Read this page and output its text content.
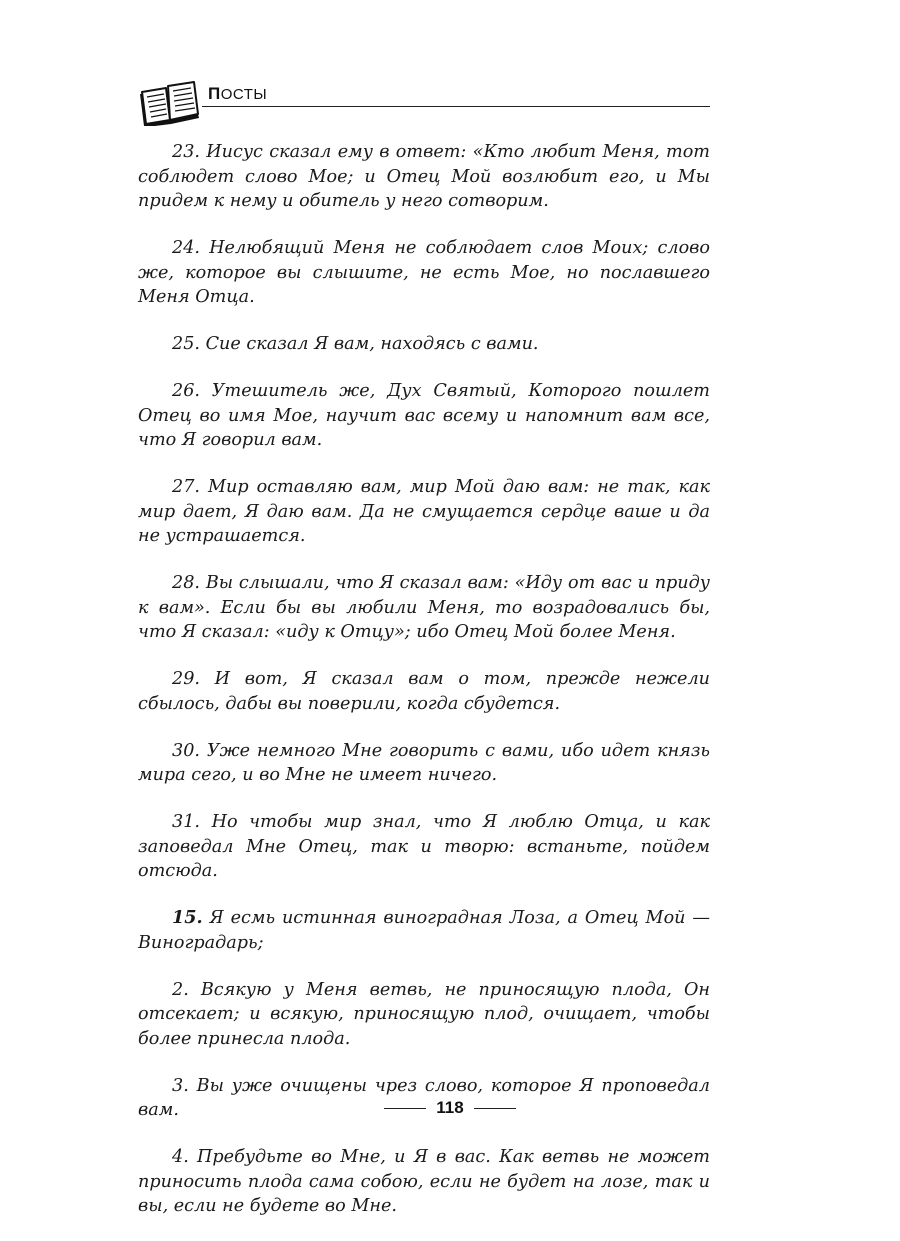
ПОСТЫ

23. Иисус сказал ему в ответ: «Кто любит Меня, тот соблюдет слово Мое; и Отец Мой возлюбит его, и Мы придем к нему и обитель у него сотворим.

24. Нелюбящий Меня не соблюдает слов Моих; слово же, которое вы слышите, не есть Мое, но пославшего Меня Отца.

25. Сие сказал Я вам, находясь с вами.

26. Утешитель же, Дух Святый, Которого пошлет Отец во имя Мое, научит вас всему и напомнит вам все, что Я говорил вам.

27. Мир оставляю вам, мир Мой даю вам: не так, как мир дает, Я даю вам. Да не смущается сердце ваше и да не устрашается.

28. Вы слышали, что Я сказал вам: «Иду от вас и приду к вам». Если бы вы любили Меня, то возрадовались бы, что Я сказал: «иду к Отцу»; ибо Отец Мой более Меня.

29. И вот, Я сказал вам о том, прежде нежели сбылось, дабы вы поверили, когда сбудется.

30. Уже немного Мне говорить с вами, ибо идет князь мира сего, и во Мне не имеет ничего.

31. Но чтобы мир знал, что Я люблю Отца, и как заповедал Мне Отец, так и творю: встаньте, пойдем отсюда.

15. Я есмь истинная виноградная Лоза, а Отец Мой — Виноградарь;

2. Всякую у Меня ветвь, не приносящую плода, Он отсекает; и всякую, приносящую плод, очищает, чтобы более принесла плода.

3. Вы уже очищены чрез слово, которое Я проповедал вам.

4. Пребудьте во Мне, и Я в вас. Как ветвь не может приносить плода сама собою, если не будет на лозе, так и вы, если не будете во Мне.

118
